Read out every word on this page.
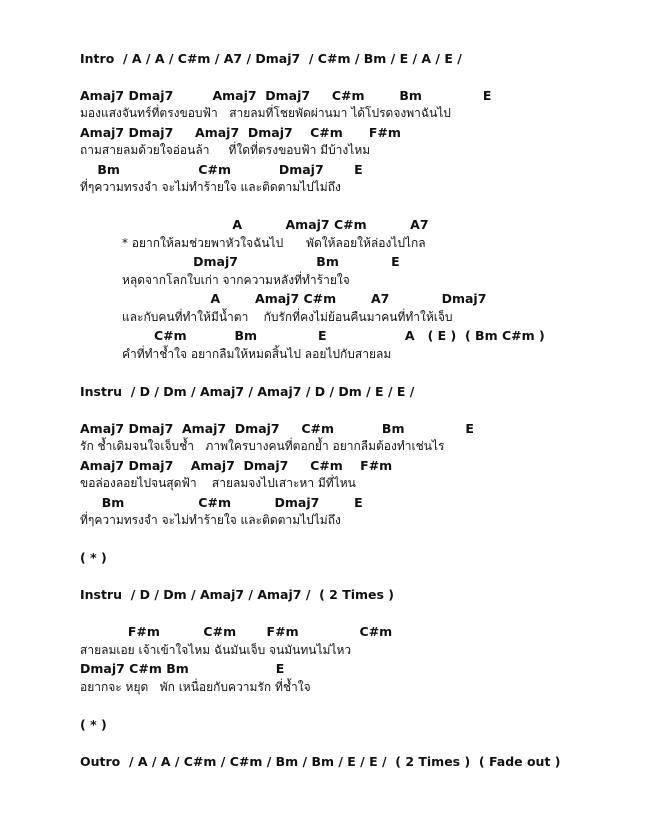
Intro  / A / A / C#m / A7 / Dmaj7  / C#m / Bm / E / A / E /
Amaj7 Dmaj7         Amaj7  Dmaj7     C#m        Bm              E
มองแสงจันทร์ที่ตรงขอบฟ้า   สายลมที่โชยพัดผ่านมา ได้โปรดจงพาฉันไป
Amaj7 Dmaj7     Amaj7  Dmaj7    C#m      F#m
ถามสายลมด้วยใจอ่อนล้า     ที่ใดที่ตรงขอบฟ้า มีบ้างไหม
Bm                  C#m           Dmaj7       E
ที่ๆความทรงจำ จะไม่ทำร้ายใจ และติดตามไปไม่ถึง
A          Amaj7 C#m          A7
* อยากให้ลมช่วยพาหัวใจฉันไป      พัดให้ลอยให้ล่องไปไกล
Dmaj7                  Bm            E
หลุดจากโลกใบเก่า จากความหลังที่ทำร้ายใจ
A        Amaj7 C#m        A7            Dmaj7
และกับคนที่ทำให้มีน้ำตา    กับรักที่คงไม่ย้อนคืนมาคนที่ทำให้เจ็บ
C#m           Bm              E                  A   ( E )  ( Bm C#m )
คำที่ทำช้ำใจ อยากลืมให้หมดสิ้นไป ลอยไปกับสายลม
Instru  / D / Dm / Amaj7 / Amaj7 / D / Dm / E / E /
Amaj7 Dmaj7  Amaj7  Dmaj7     C#m           Bm              E
รัก ช้ำเดิมจนใจเจ็บช้ำ   ภาพใครบางคนที่ตอกย้ำ อยากลืมต้องทำเช่นไร
Amaj7 Dmaj7    Amaj7  Dmaj7     C#m    F#m
ขอล่องลอยไปจนสุดฟ้า    สายลมจงไปเสาะหา มีที่ไหน
Bm                 C#m          Dmaj7        E
ที่ๆความทรงจำ จะไม่ทำร้ายใจ และติดตามไปไม่ถึง
( * )
Instru  / D / Dm / Amaj7 / Amaj7 /  ( 2 Times )
F#m          C#m       F#m              C#m
สายลมเอย เจ้าเข้าใจไหม ฉันมันเจ็บ จนมันทนไม่ไหว
Dmaj7 C#m Bm                    E
อยากจะ หยุด   พัก เหนื่อยกับความรัก ที่ช้ำใจ
( * )
Outro  / A / A / C#m / C#m / Bm / Bm / E / E /  ( 2 Times )  ( Fade out )
